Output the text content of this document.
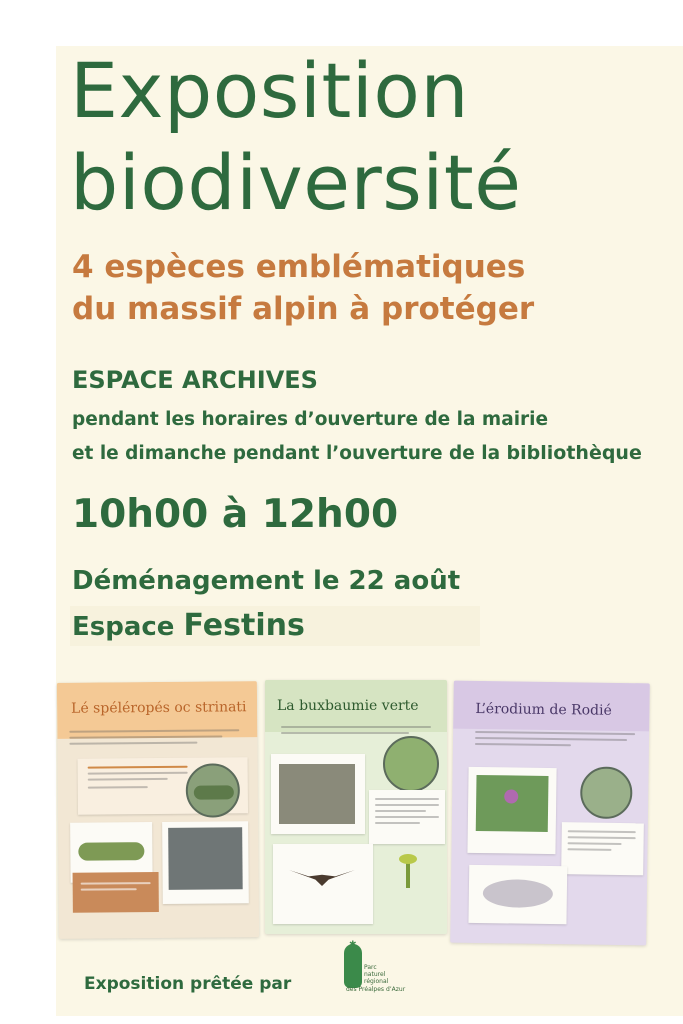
Exposition
biodiversité
4 espèces emblématiques
du massif alpin à protéger
ESPACE ARCHIVES
pendant les horaires d’ouverture de la mairie
et le dimanche pendant l’ouverture de la bibliothèque
10h00 à 12h00
Déménagement le 22 août
Espace Festins
Lé spéléropés oc strinati La buxbaumie verte	L’érodium de Rodié
Exposition prêtée par
Parc
naturel
régional
des Préalpes d’Azur
